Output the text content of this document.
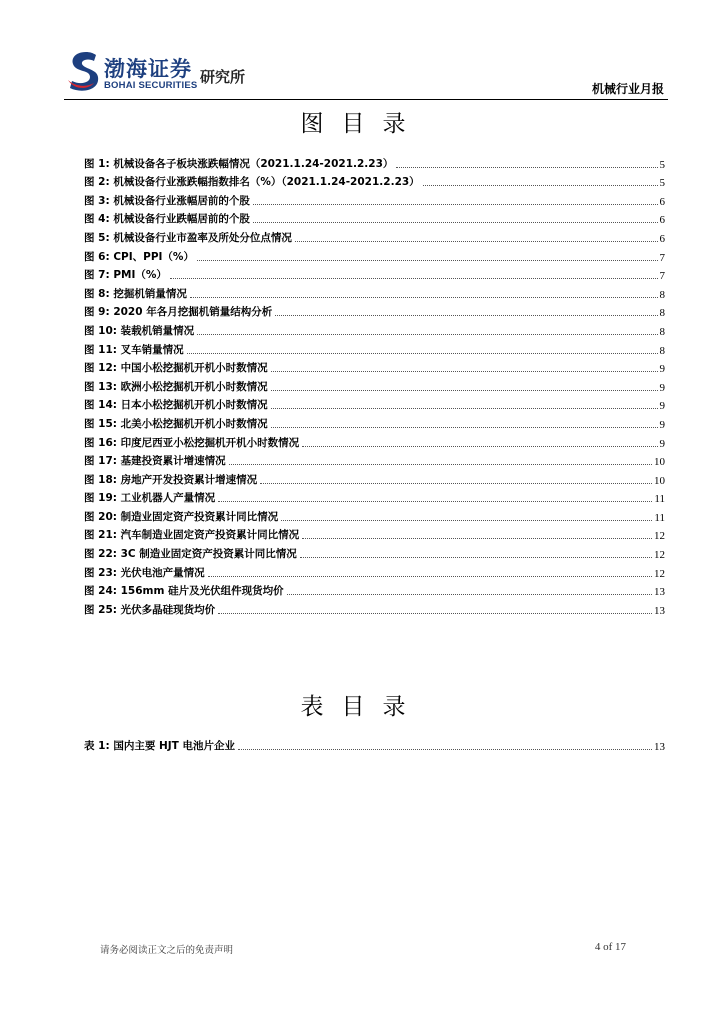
渤海证券
BOHAI SECURITIES 研究所
机械行业月报
图目录
图 1: 机械设备各子板块涨跌幅情况（2021.1.24-2021.2.23）	5
图 2: 机械设备行业涨跌幅指数排名（%）（2021.1.24-2021.2.23）	5
图 3: 机械设备行业涨幅居前的个股	6
图 4: 机械设备行业跌幅居前的个股	6
图 5: 机械设备行业市盈率及所处分位点情况	6
图 6: CPI、PPI（%）	7
图 7: PMI（%）	7
图 8: 挖掘机销量情况	8
图 9: 2020 年各月挖掘机销量结构分析	8
图 10: 装载机销量情况	8
图 11: 叉车销量情况	8
图 12: 中国小松挖掘机开机小时数情况	9
图 13: 欧洲小松挖掘机开机小时数情况	9
图 14: 日本小松挖掘机开机小时数情况	9
图 15: 北美小松挖掘机开机小时数情况	9
图 16: 印度尼西亚小松挖掘机开机小时数情况	9
图 17: 基建投资累计增速情况	10
图 18: 房地产开发投资累计增速情况	10
图 19: 工业机器人产量情况	11
图 20: 制造业固定资产投资累计同比情况	11
图 21: 汽车制造业固定资产投资累计同比情况	12
图 22: 3C 制造业固定资产投资累计同比情况	12
图 23: 光伏电池产量情况	12
图 24: 156mm 硅片及光伏组件现货均价	13
图 25: 光伏多晶硅现货均价	13
表目录
表 1: 国内主要 HJT 电池片企业	13
请务必阅读正文之后的免责声明	4 of 17
